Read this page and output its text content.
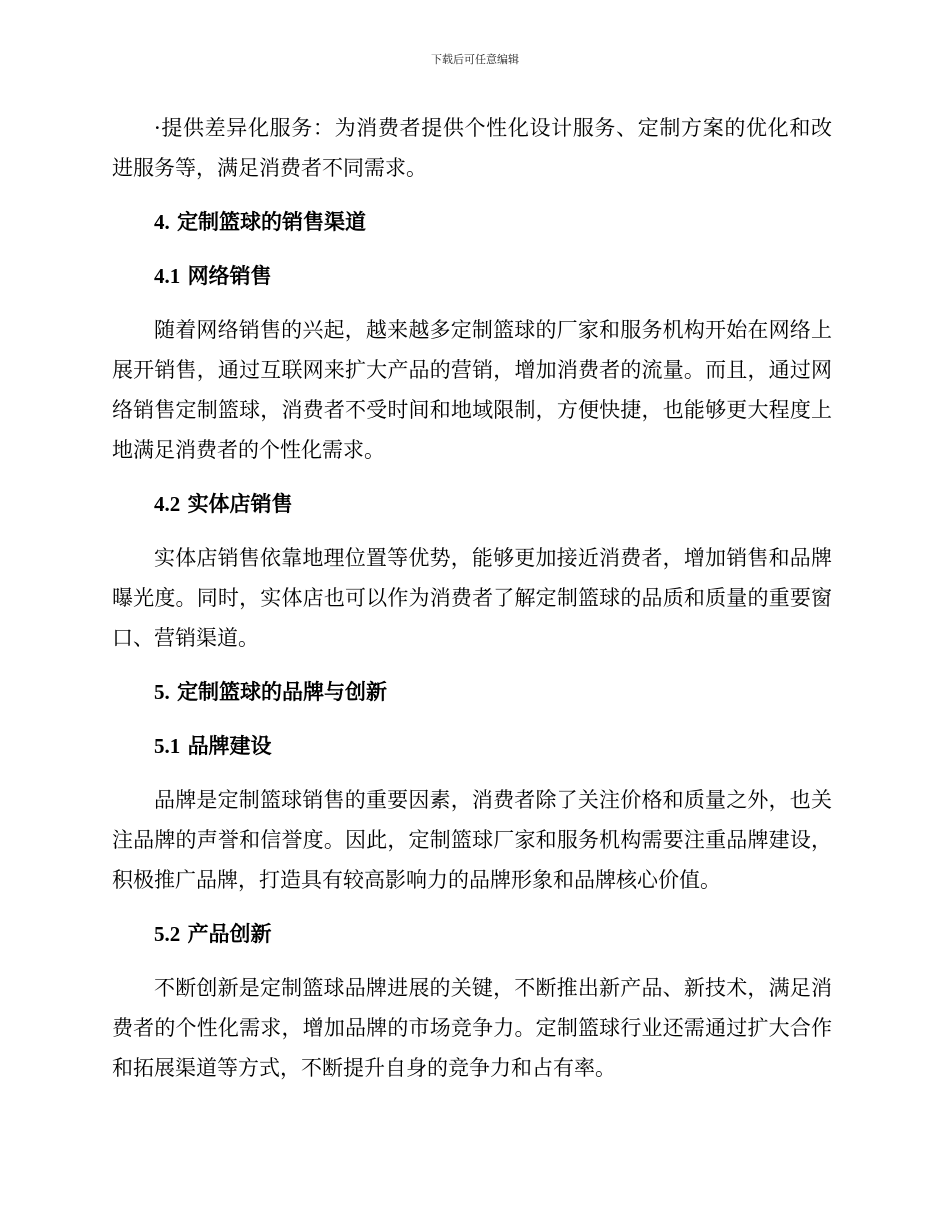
下载后可任意编辑

·提供差异化服务：为消费者提供个性化设计服务、定制方案的优化和改进服务等，满足消费者不同需求。

4. 定制篮球的销售渠道
4.1 网络销售

随着网络销售的兴起，越来越多定制篮球的厂家和服务机构开始在网络上展开销售，通过互联网来扩大产品的营销，增加消费者的流量。而且，通过网络销售定制篮球，消费者不受时间和地域限制，方便快捷，也能够更大程度上地满足消费者的个性化需求。

4.2 实体店销售

实体店销售依靠地理位置等优势，能够更加接近消费者，增加销售和品牌曝光度。同时，实体店也可以作为消费者了解定制篮球的品质和质量的重要窗口、营销渠道。

5. 定制篮球的品牌与创新
5.1 品牌建设

品牌是定制篮球销售的重要因素，消费者除了关注价格和质量之外，也关注品牌的声誉和信誉度。因此，定制篮球厂家和服务机构需要注重品牌建设，积极推广品牌，打造具有较高影响力的品牌形象和品牌核心价值。

5.2 产品创新

不断创新是定制篮球品牌进展的关键，不断推出新产品、新技术，满足消费者的个性化需求，增加品牌的市场竞争力。定制篮球行业还需通过扩大合作和拓展渠道等方式，不断提升自身的竞争力和占有率。
